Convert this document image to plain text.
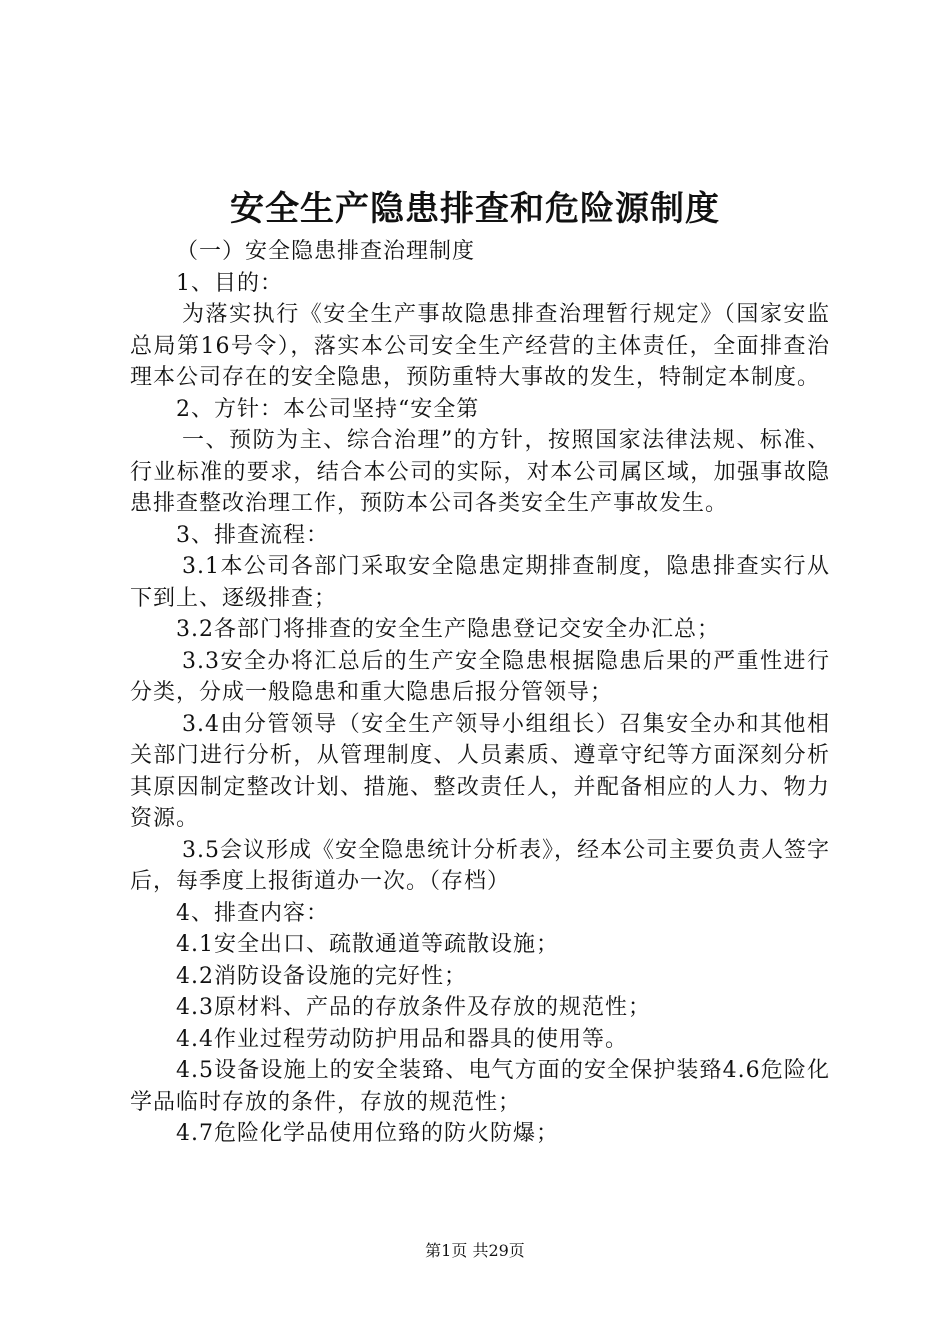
安全生产隐患排查和危险源制度

（一）安全隐患排查治理制度

1、目的：

为落实执行《安全生产事故隐患排查治理暂行规定》（国家安监总局第16号令），落实本公司安全生产经营的主体责任，全面排查治理本公司存在的安全隐患，预防重特大事故的发生，特制定本制度。

2、方针：本公司坚持“安全第

一、预防为主、综合治理”的方针，按照国家法律法规、标准、行业标准的要求，结合本公司的实际，对本公司属区域，加强事故隐患排查整改治理工作，预防本公司各类安全生产事故发生。

3、排查流程：

3.1本公司各部门采取安全隐患定期排查制度，隐患排查实行从下到上、逐级排查；

3.2各部门将排查的安全生产隐患登记交安全办汇总；

3.3安全办将汇总后的生产安全隐患根据隐患后果的严重性进行分类，分成一般隐患和重大隐患后报分管领导；

3.4由分管领导（安全生产领导小组组长）召集安全办和其他相关部门进行分析，从管理制度、人员素质、遵章守纪等方面深刻分析其原因制定整改计划、措施、整改责任人，并配备相应的人力、物力资源。

3.5会议形成《安全隐患统计分析表》，经本公司主要负责人签字后，每季度上报街道办一次。（存档）

4、排查内容：

4.1安全出口、疏散通道等疏散设施；

4.2消防设备设施的完好性；

4.3原材料、产品的存放条件及存放的规范性；

4.4作业过程劳动防护用品和器具的使用等。

4.5设备设施上的安全装臵、电气方面的安全保护装臵4.6危险化学品临时存放的条件，存放的规范性；

4.7危险化学品使用位臵的防火防爆；

第1页 共29页
